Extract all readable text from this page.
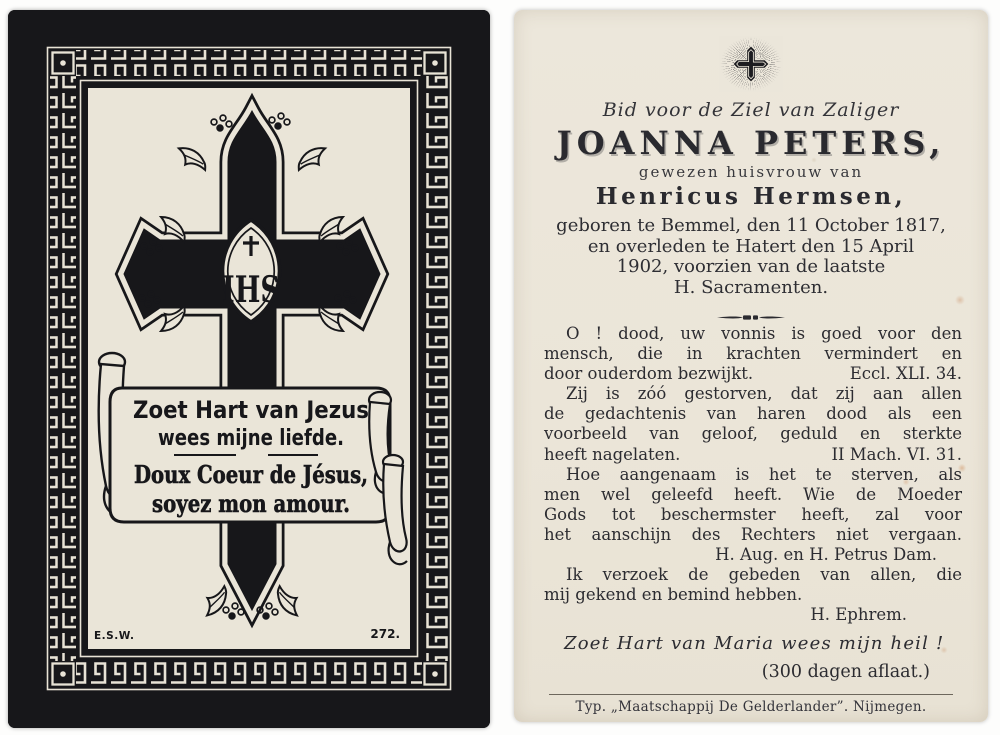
IHS
Zoet Hart van Jezus
wees mijne liefde.
Doux Coeur de Jésus,
soyez mon amour.
E.S.W.	272.
Bid voor de Ziel van Zaliger
JOANNA PETERS,
gewezen huisvrouw van
Henricus Hermsen,
geboren te Bemmel, den 11 October 1817,
en overleden te Hatert den 15 April
1902, voorzien van de laatste
H. Sacramenten.
O ! dood, uw vonnis is goed voor den
mensch, die in krachten vermindert en
door ouderdom bezwijkt.	Eccl. XLI. 34.
Zij is zóó gestorven, dat zij aan allen
de gedachtenis van haren dood als een
voorbeeld van geloof, geduld en sterkte
heeft nagelaten.	II Mach. VI. 31.
Hoe aangenaam is het te sterven, als
men wel geleefd heeft. Wie de Moeder
Gods tot beschermster heeft, zal voor
het aanschijn des Rechters niet vergaan.
H. Aug. en H. Petrus Dam.
Ik verzoek de gebeden van allen, die
mij gekend en bemind hebben.
H. Ephrem.
Zoet Hart van Maria wees mijn heil !
(300 dagen aflaat.)
Typ. „Maatschappij De Gelderlander”. Nijmegen.
